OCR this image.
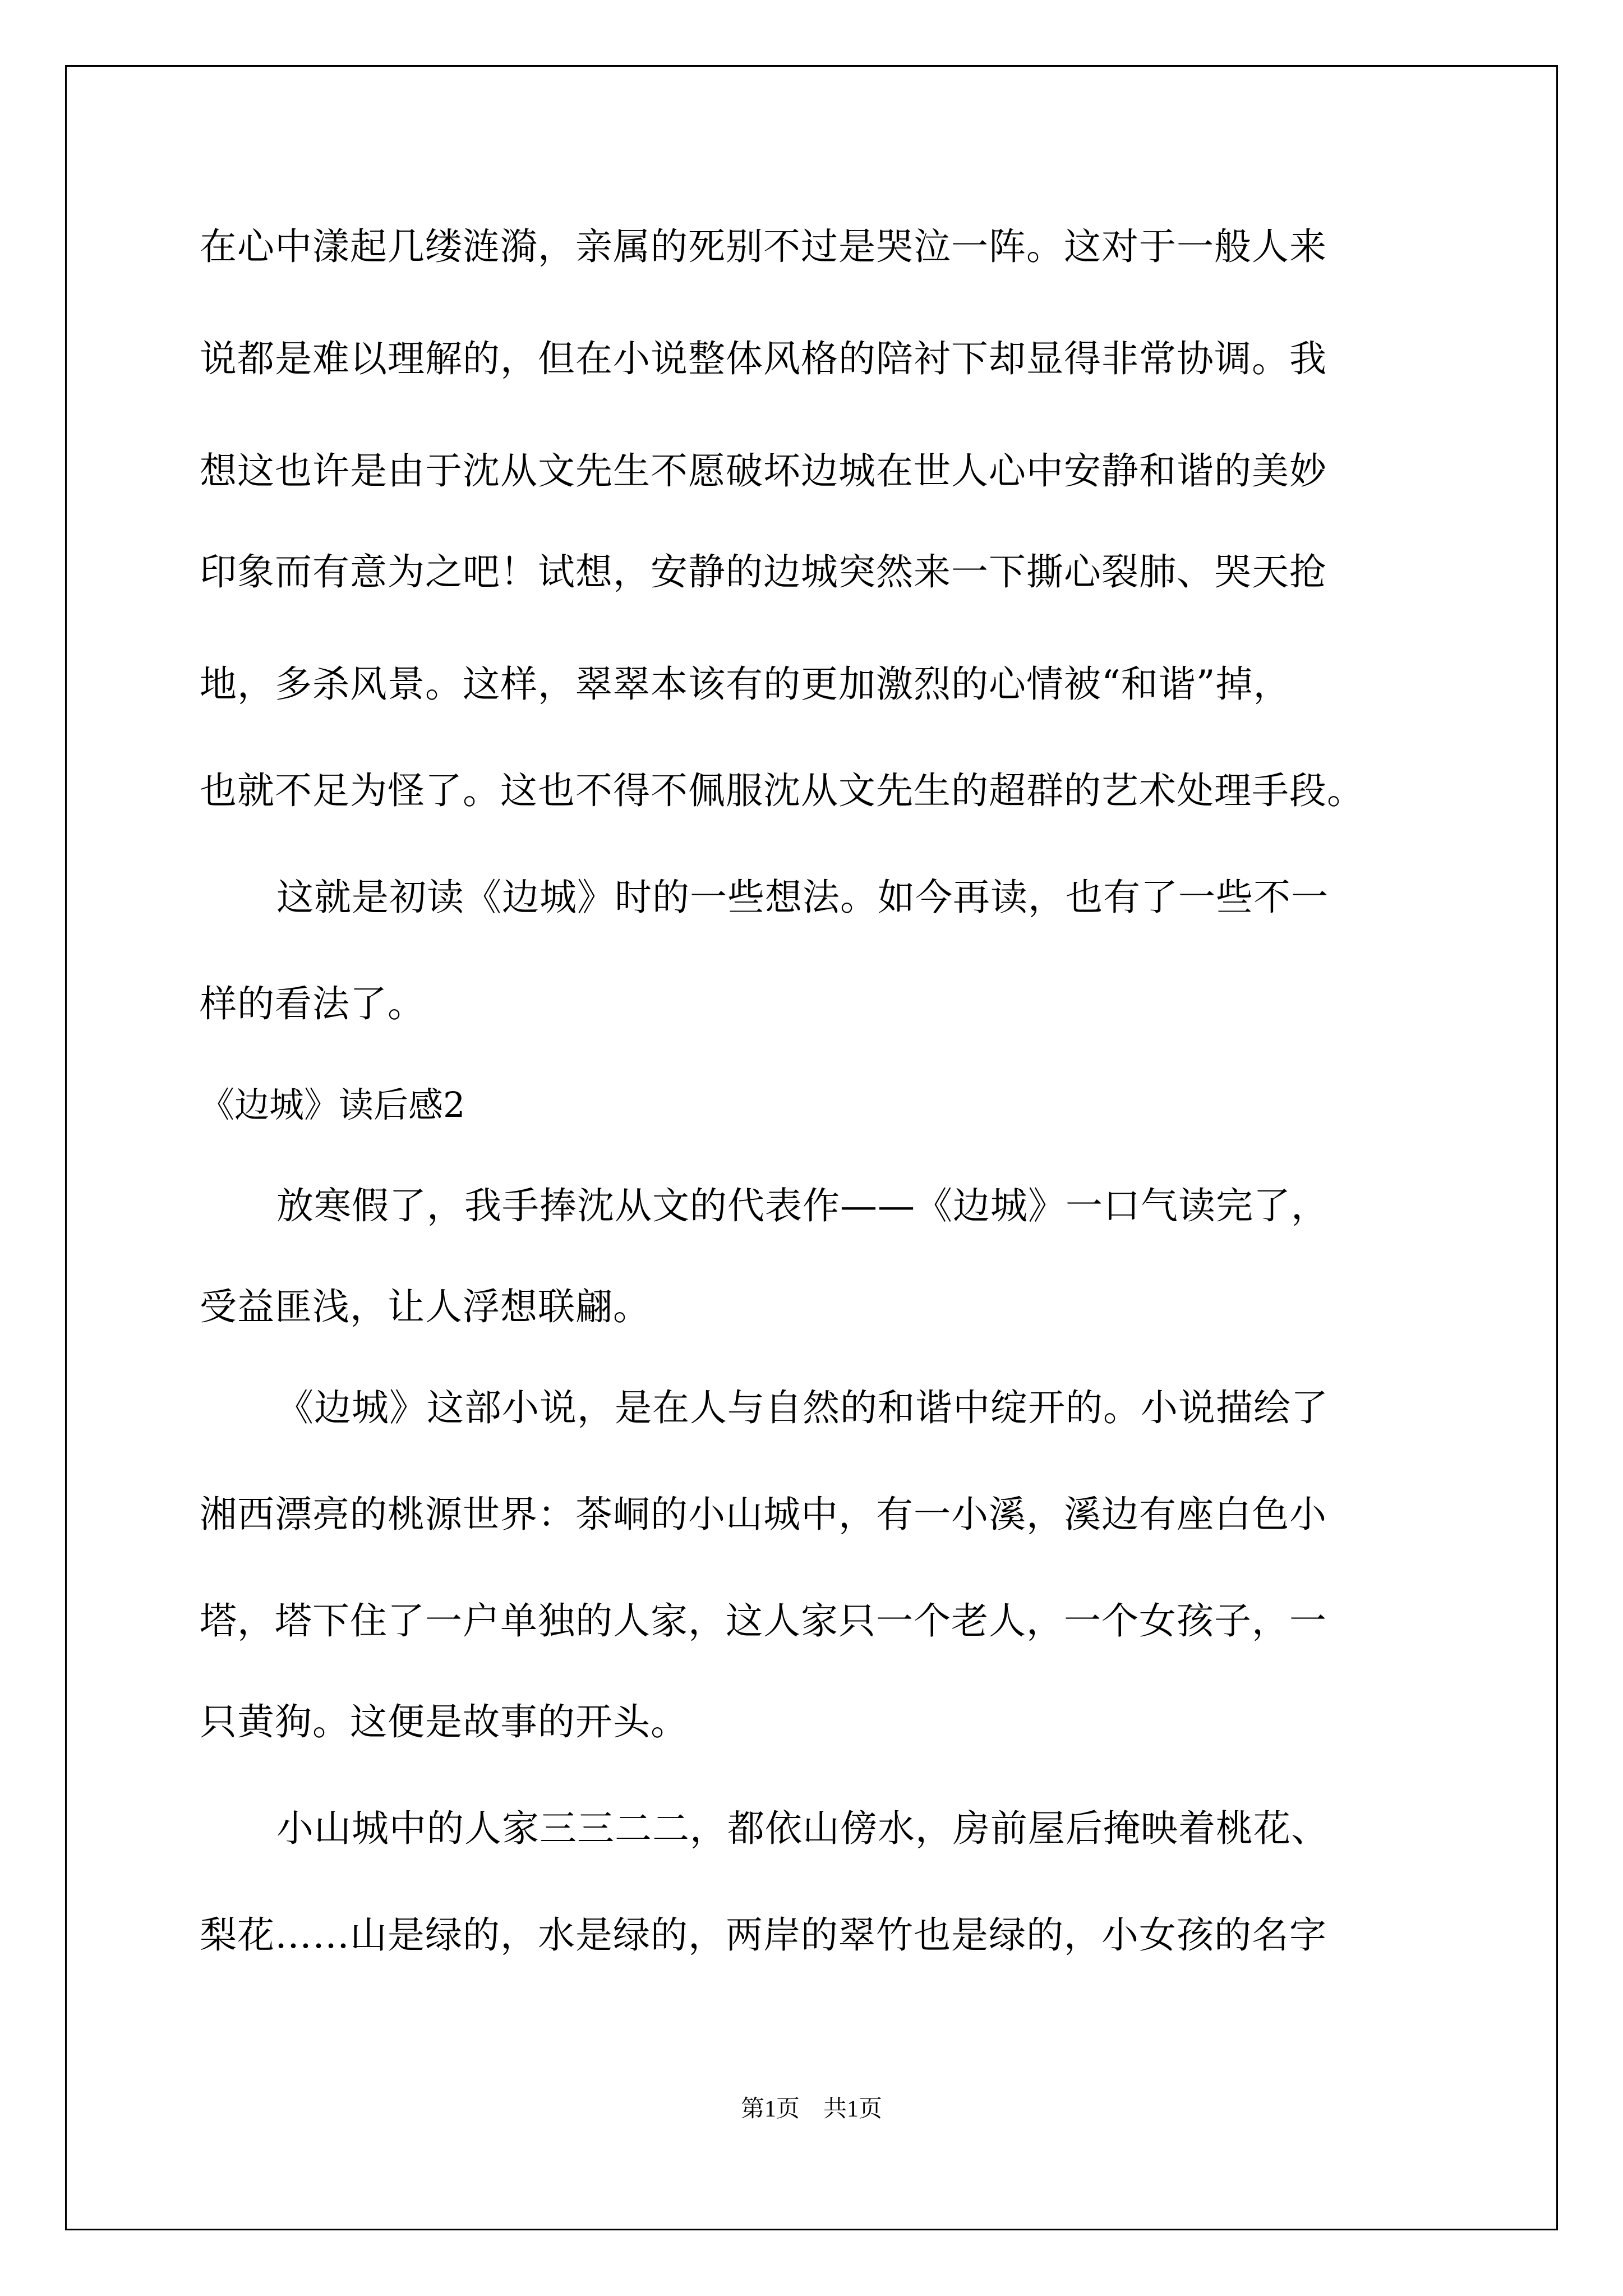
在心中漾起几缕涟漪，亲属的死别不过是哭泣一阵。这对于一般人来
说都是难以理解的，但在小说整体风格的陪衬下却显得非常协调。我
想这也许是由于沈从文先生不愿破坏边城在世人心中安静和谐的美妙
印象而有意为之吧！试想，安静的边城突然来一下撕心裂肺、哭天抢
地，多杀风景。这样，翠翠本该有的更加激烈的心情被“和谐”掉，
也就不足为怪了。这也不得不佩服沈从文先生的超群的艺术处理手段。
这就是初读《边城》时的一些想法。如今再读，也有了一些不一
样的看法了。
《边城》读后感2
放寒假了，我手捧沈从文的代表作——《边城》一口气读完了，
受益匪浅，让人浮想联翩。
《边城》这部小说，是在人与自然的和谐中绽开的。小说描绘了
湘西漂亮的桃源世界：茶峒的小山城中，有一小溪，溪边有座白色小
塔，塔下住了一户单独的人家，这人家只一个老人，一个女孩子，一
只黄狗。这便是故事的开头。
小山城中的人家三三二二，都依山傍水，房前屋后掩映着桃花、
梨花……山是绿的，水是绿的，两岸的翠竹也是绿的，小女孩的名字
第1页　共1页
